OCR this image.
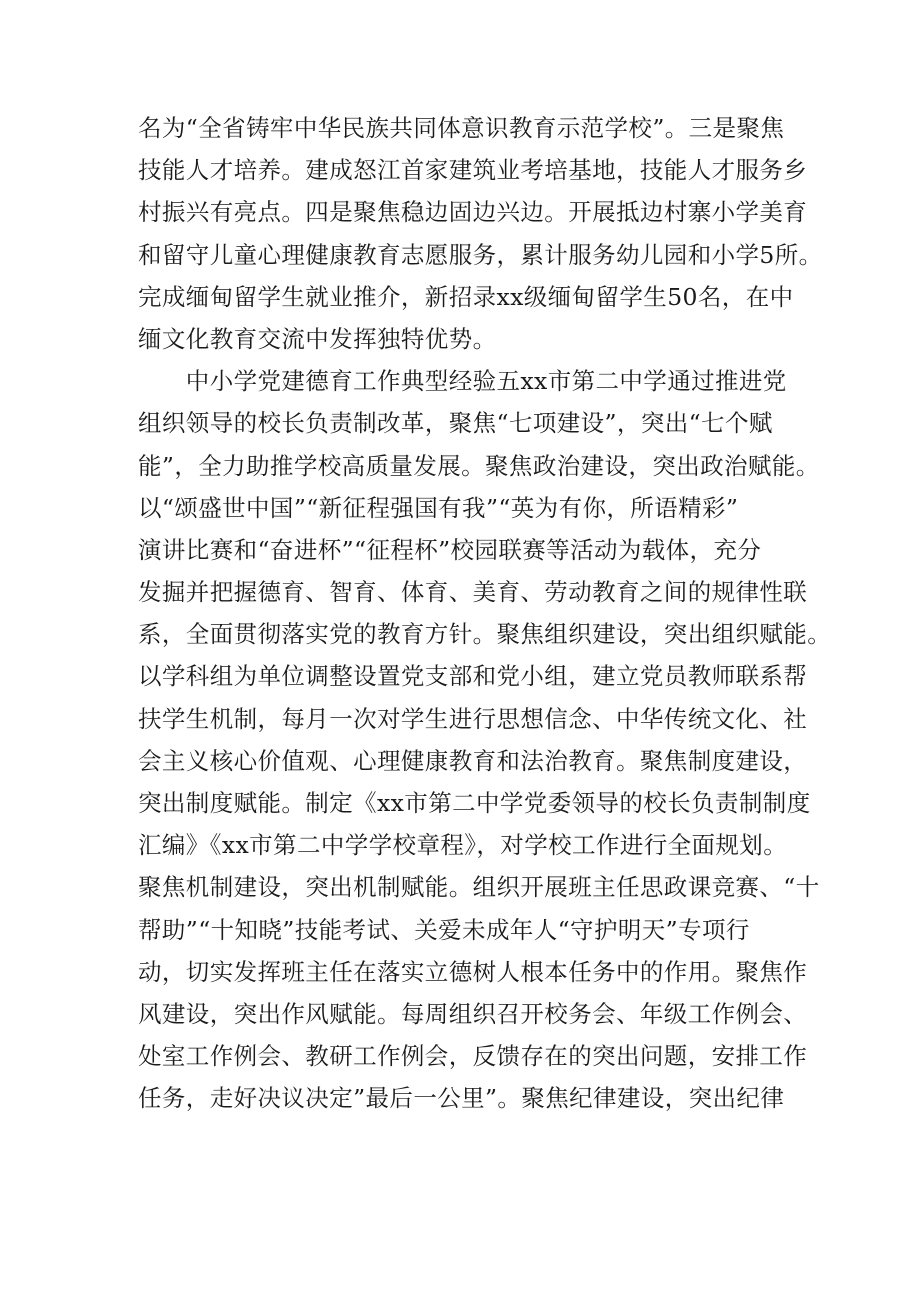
名为“全省铸牢中华民族共同体意识教育示范学校”。三是聚焦
技能人才培养。建成怒江首家建筑业考培基地，技能人才服务乡
村振兴有亮点。四是聚焦稳边固边兴边。开展抵边村寨小学美育
和留守儿童心理健康教育志愿服务，累计服务幼儿园和小学5所。
完成缅甸留学生就业推介，新招录xx级缅甸留学生50名，在中
缅文化教育交流中发挥独特优势。
　　中小学党建德育工作典型经验五xx市第二中学通过推进党
组织领导的校长负责制改革，聚焦“七项建设”，突出“七个赋
能”，全力助推学校高质量发展。聚焦政治建设，突出政治赋能。
以“颂盛世中国”“新征程强国有我”“英为有你，所语精彩”
演讲比赛和“奋进杯”“征程杯”校园联赛等活动为载体，充分
发掘并把握德育、智育、体育、美育、劳动教育之间的规律性联
系，全面贯彻落实党的教育方针。聚焦组织建设，突出组织赋能。
以学科组为单位调整设置党支部和党小组，建立党员教师联系帮
扶学生机制，每月一次对学生进行思想信念、中华传统文化、社
会主义核心价值观、心理健康教育和法治教育。聚焦制度建设，
突出制度赋能。制定《xx市第二中学党委领导的校长负责制制度
汇编》《xx市第二中学学校章程》，对学校工作进行全面规划。
聚焦机制建设，突出机制赋能。组织开展班主任思政课竞赛、“十
帮助”“十知晓”技能考试、关爱未成年人“守护明天”专项行
动，切实发挥班主任在落实立德树人根本任务中的作用。聚焦作
风建设，突出作风赋能。每周组织召开校务会、年级工作例会、
处室工作例会、教研工作例会，反馈存在的突出问题，安排工作
任务，走好决议决定”最后一公里”。聚焦纪律建设，突出纪律
